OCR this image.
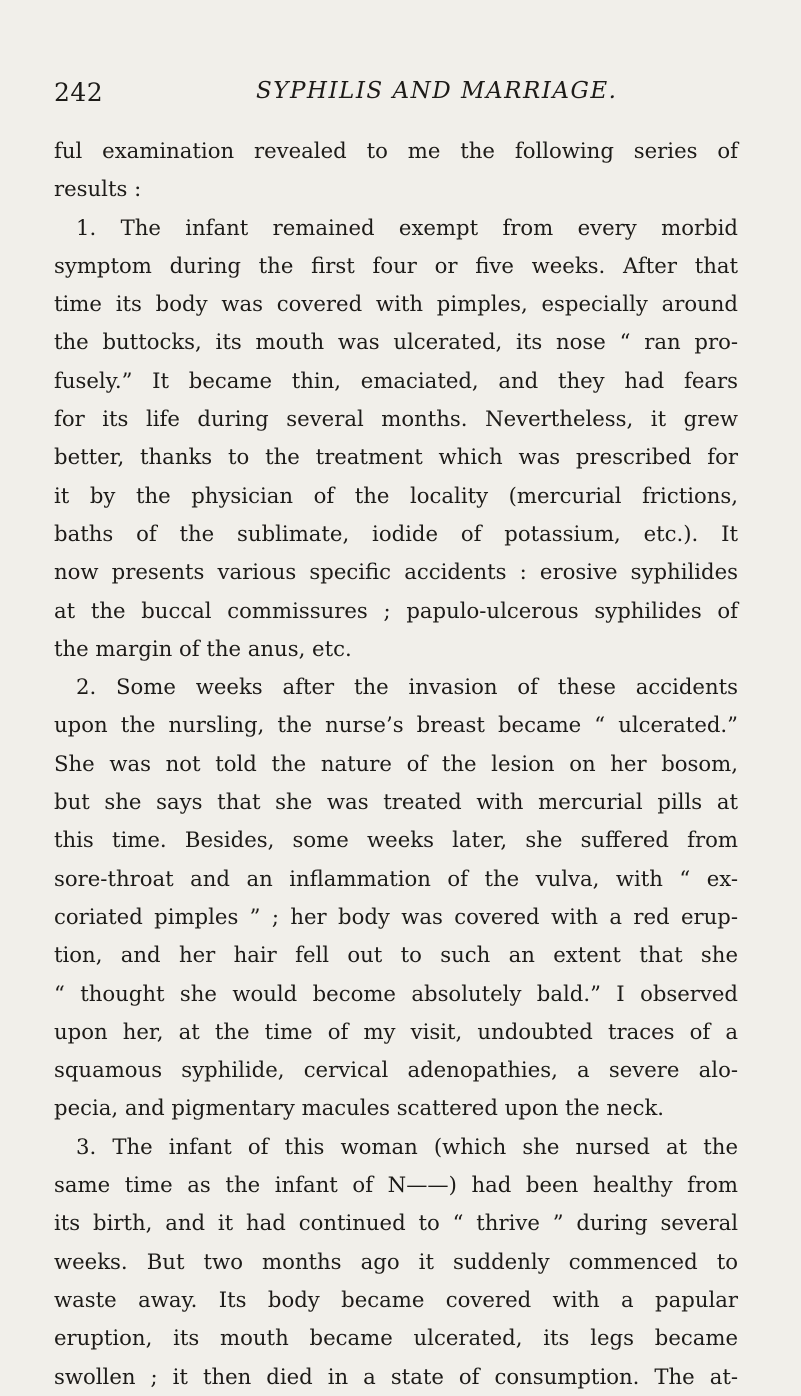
242	SYPHILIS AND MARRIAGE.
ful examination revealed to me the following series of
results :
1. The infant remained exempt from every morbid
symptom during the first four or five weeks. After that
time its body was covered with pimples, especially around
the buttocks, its mouth was ulcerated, its nose “ ran pro-
fusely.” It became thin, emaciated, and they had fears
for its life during several months. Nevertheless, it grew
better, thanks to the treatment which was prescribed for
it by the physician of the locality (mercurial frictions,
baths of the sublimate, iodide of potassium, etc.). It
now presents various specific accidents : erosive syphilides
at the buccal commissures ; papulo-ulcerous syphilides of
the margin of the anus, etc.
2. Some weeks after the invasion of these accidents
upon the nursling, the nurse’s breast became “ ulcerated.”
She was not told the nature of the lesion on her bosom,
but she says that she was treated with mercurial pills at
this time. Besides, some weeks later, she suffered from
sore-throat and an inflammation of the vulva, with “ ex-
coriated pimples ” ; her body was covered with a red erup-
tion, and her hair fell out to such an extent that she
“ thought she would become absolutely bald.” I observed
upon her, at the time of my visit, undoubted traces of a
squamous syphilide, cervical adenopathies, a severe alo-
pecia, and pigmentary macules scattered upon the neck.
3. The infant of this woman (which she nursed at the
same time as the infant of N——) had been healthy from
its birth, and it had continued to “ thrive ” during several
weeks. But two months ago it suddenly commenced to
waste away. Its body became covered with a papular
eruption, its mouth became ulcerated, its legs became
swollen ; it then died in a state of consumption. The at-
